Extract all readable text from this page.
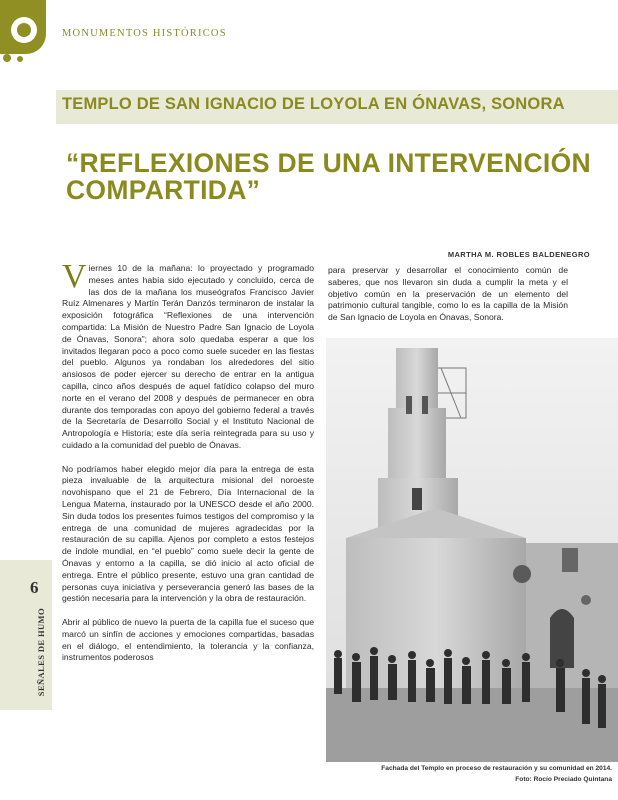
MONUMENTOS HISTÓRICOS
TEMPLO DE SAN IGNACIO DE LOYOLA EN ÓNAVAS, SONORA
“REFLEXIONES DE UNA INTERVENCIÓN
COMPARTIDA”
MARTHA M. ROBLES BALDENEGRO

Viernes 10 de la mañana: lo proyectado y programado meses antes había sido ejecutado y concluido, cerca de las dos de la mañana los museógrafos Francisco Javier Ruíz Almenares y Martín Terán Danzós terminaron de instalar la exposición fotográfica “Reflexiones de una intervención compartida: La Misión de Nuestro Padre San Ignacio de Loyola de Ónavas, Sonora”; ahora solo quedaba esperar a que los invitados llegaran poco a poco como suele suceder en las fiestas del pueblo. Algunos ya rondaban los alrededores del sitio ansiosos de poder ejercer su derecho de entrar en la antigua capilla, cinco años después de aquel fatídico colapso del muro norte en el verano del 2008 y después de permanecer en obra durante dos temporadas con apoyo del gobierno federal a través de la Secretaría de Desarrollo Social y el Instituto Nacional de Antropología e Historia; este día sería reintegrada para su uso y cuidado a la comunidad del pueblo de Ónavas.

No podríamos haber elegido mejor día para la entrega de esta pieza invaluable de la arquitectura misional del noroeste novohispano que el 21 de Febrero, Día Internacional de la Lengua Materna, instaurado por la UNESCO desde el año 2000. Sin duda todos los presentes fuimos testigos del compromiso y la entrega de una comunidad de mujeres agradecidas por la restauración de su capilla. Ajenos por completo a estos festejos de índole mundial, en “el pueblo” como suele decir la gente de Ónavas y entorno a la capilla, se dió inicio al acto oficial de entrega. Entre el público presente, estuvo una gran cantidad de personas cuya iniciativa y perseverancia generó las bases de la gestión necesaria para la intervención y la obra de restauración.

Abrir al público de nuevo la puerta de la capilla fue el suceso que marcó un sinfín de acciones y emociones compartidas, basadas en el diálogo, el entendimiento, la tolerancia y la confianza, instrumentos poderosos

para preservar y desarrollar el conocimiento común de saberes, que nos llevaron sin duda a cumplir la meta y el objetivo común en la preservación de un elemento del patrimonio cultural tangible, como lo es la capilla de la Misión de San Ignacio de Loyola en Ónavas, Sonora.

Fachada del Templo en proceso de restauración y su comunidad en 2014.
Foto: Rocío Preciado Quintana
6
SEÑALES DE HUMO
